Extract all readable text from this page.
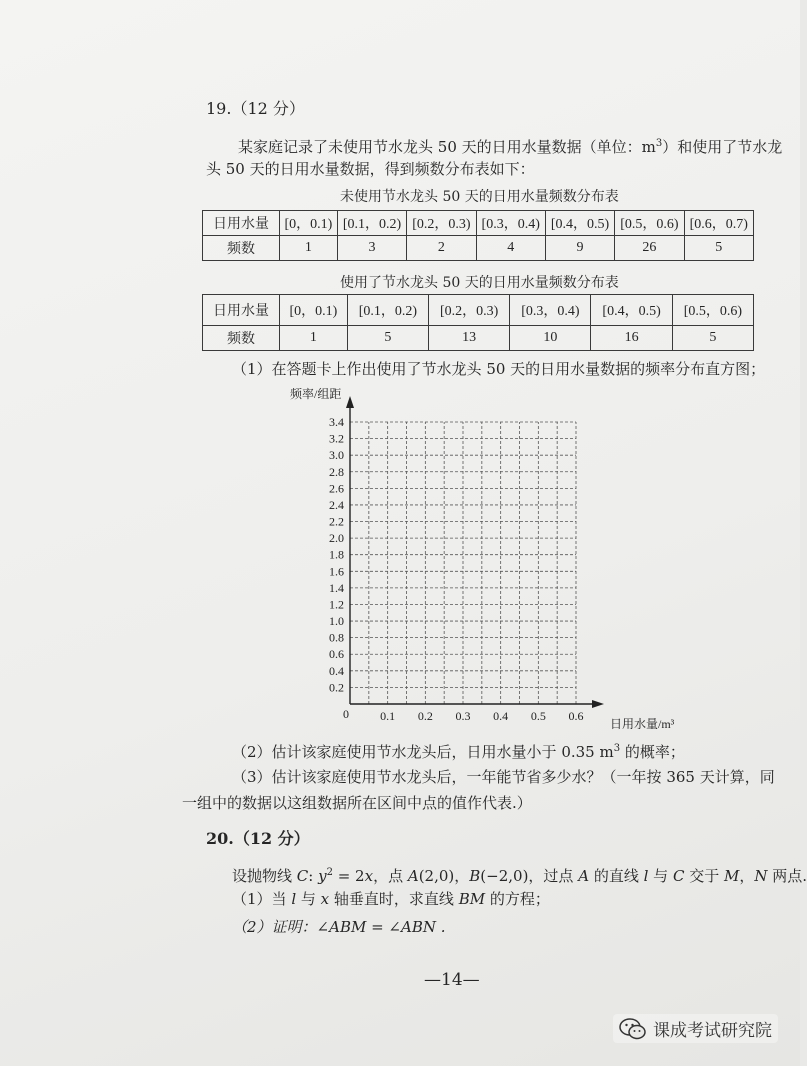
19.（12 分）
某家庭记录了未使用节水龙头 50 天的日用水量数据（单位：$m^3$）和使用了节水龙
头 50 天的日用水量数据，得到频数分布表如下：
未使用节水龙头 50 天的日用水量频数分布表
日用水量	[0，0.1)	[0.1，0.2)	[0.2，0.3)	[0.3，0.4)	[0.4，0.5)	[0.5，0.6)	[0.6，0.7)
频数	1	3	2	4	9	26	5
使用了节水龙头 50 天的日用水量频数分布表
日用水量	[0，0.1)	[0.1，0.2)	[0.2，0.3)	[0.3，0.4)	[0.4，0.5)	[0.5，0.6)
频数	1	5	13	10	16	5
（1）在答题卡上作出使用了节水龙头 50 天的日用水量数据的频率分布直方图；
0.2
0.4
0.6
0.8
1.0
1.2
1.4
1.6
1.8
2.0
2.2
2.4
2.6
2.8
3.0
3.2
3.4
0.1 0.2 0.3 0.4 0.5 0.6
频率/组距
日用水量/m³
0
（2）估计该家庭使用节水龙头后，日用水量小于 0.35 $m^3$ 的概率；
（3）估计该家庭使用节水龙头后，一年能节省多少水？（一年按 365 天计算，同
一组中的数据以这组数据所在区间中点的值作代表.）
20.（12 分）
设抛物线 C: $y^2 = 2x$，点 A(2,0)，B(−2,0)，过点 A 的直线 l 与 C 交于 M，N 两点.
（1）当 l 与 x 轴垂直时，求直线 BM 的方程；
（2）证明：∠ABM = ∠ABN .
—14—
课成考试研究院
